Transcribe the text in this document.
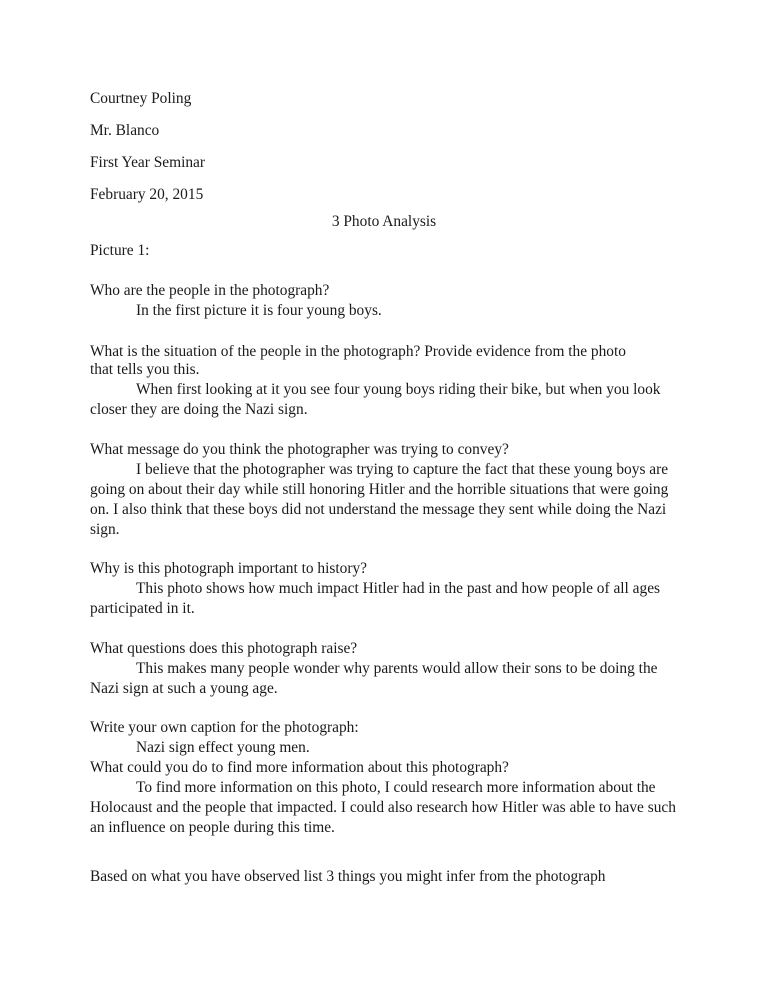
Courtney Poling
Mr. Blanco
First Year Seminar
February 20, 2015
3 Photo Analysis
Picture 1:
Who are the people in the photograph?
In the first picture it is four young boys.
What is the situation of the people in the photograph? Provide evidence from the photo
that tells you this.
When first looking at it you see four young boys riding their bike, but when you look
closer they are doing the Nazi sign.
What message do you think the photographer was trying to convey?
I believe that the photographer was trying to capture the fact that these young boys are
going on about their day while still honoring Hitler and the horrible situations that were going
on. I also think that these boys did not understand the message they sent while doing the Nazi
sign.
Why is this photograph important to history?
This photo shows how much impact Hitler had in the past and how people of all ages
participated in it.
What questions does this photograph raise?
This makes many people wonder why parents would allow their sons to be doing the
Nazi sign at such a young age.
Write your own caption for the photograph:
Nazi sign effect young men.
What could you do to find more information about this photograph?
To find more information on this photo, I could research more information about the
Holocaust and the people that impacted. I could also research how Hitler was able to have such
an influence on people during this time.
Based on what you have observed list 3 things you might infer from the photograph
